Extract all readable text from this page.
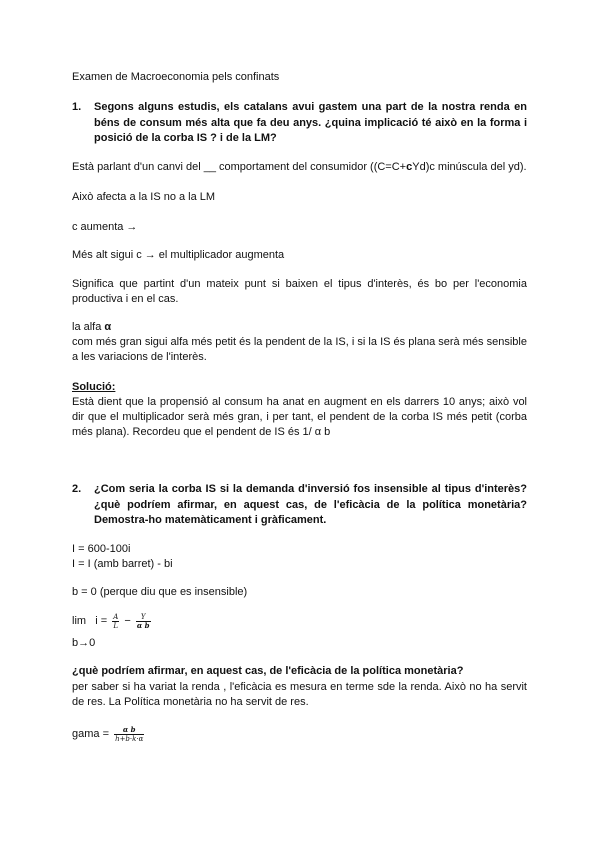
Examen de Macroeconomia pels confinats

1. Segons alguns estudis, els catalans avui gastem una part de la nostra renda en béns de consum més alta que fa deu anys. ¿quina implicació té això en la forma i posició de la corba IS ? i de la LM?

Està parlant d'un canvi del __ comportament del consumidor ((C=C+cYd)c minúscula del yd).

Això afecta a la IS no a la LM

c aumenta →

Més alt sigui c → el multiplicador augmenta

Significa que partint d'un mateix punt si baixen el tipus d'interès, és bo per l'economia productiva i en el cas.

la alfa α

com més gran sigui alfa més petit és la pendent de la IS, i si la IS és plana serà més sensible a les variacions de l'interès.

Solució:

Està dient que la propensió al consum ha anat en augment en els darrers 10 anys; això vol dir que el multiplicador serà més gran, i per tant, el pendent de la corba IS més petit (corba més plana). Recordeu que el pendent de IS és 1/ α b

2. ¿Com seria la corba IS si la demanda d'inversió fos insensible al tipus d'interès? ¿què podríem afirmar, en aquest cas, de l'eficàcia de la política monetària? Demostra-ho matemàticament i gràficament.

I = 600-100i

I = I (amb barret) - bi

b = 0 (perque diu que es insensible)

$\lim i = \frac{A}{L} - \frac{Y}{\text{α b}}$

b→0

¿què podríem afirmar, en aquest cas, de l'eficàcia de la política monetària?

per saber si ha variat la renda , l'eficàcia es mesura en terme sde la renda. Això no ha servit de res. La Política monetària no ha servit de res.

gama = $\frac{\text{α b}}{h+b\cdot k\cdot\alpha}$
